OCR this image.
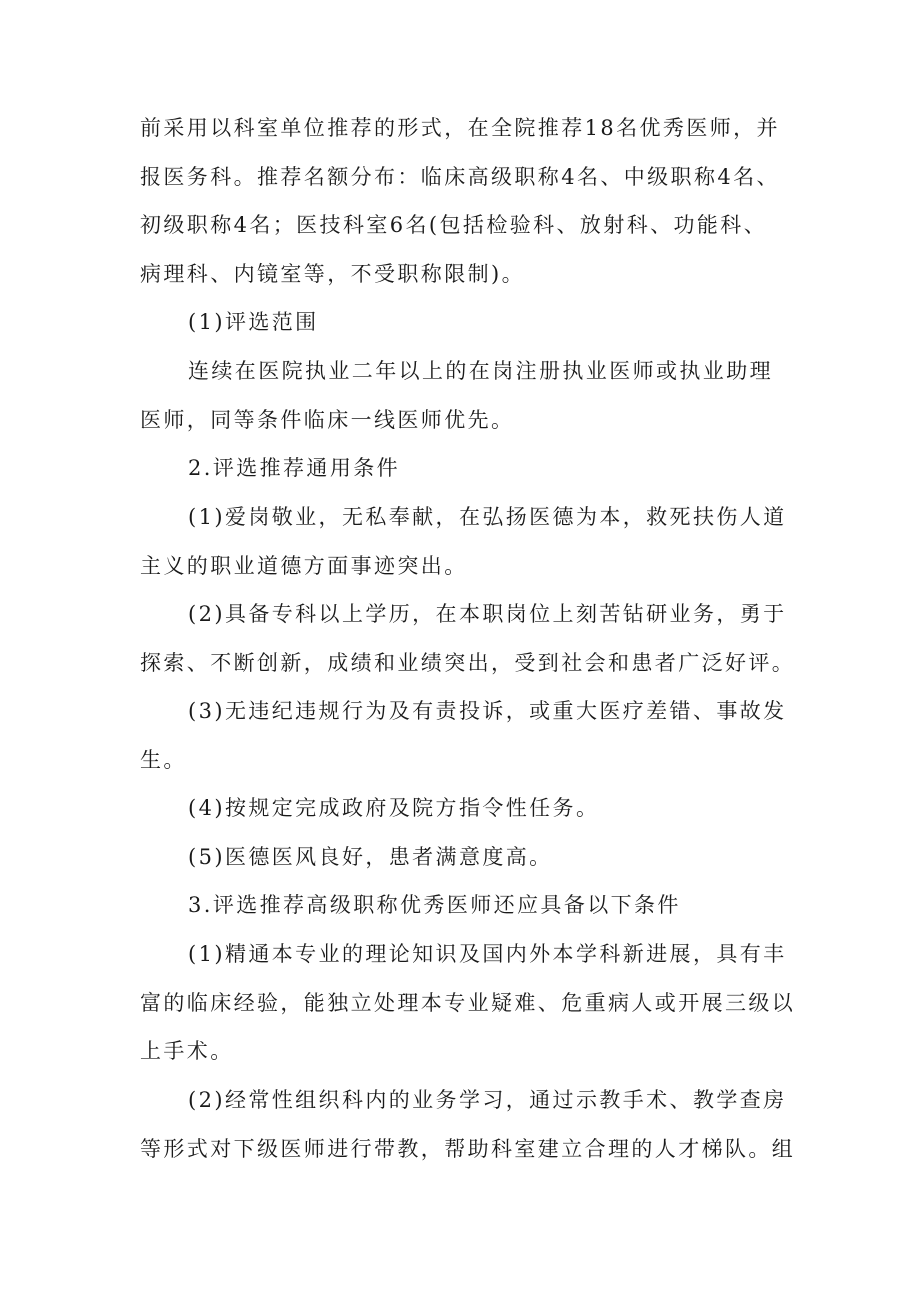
前采用以科室单位推荐的形式，在全院推荐18名优秀医师，并
报医务科。推荐名额分布：临床高级职称4名、中级职称4名、
初级职称4名；医技科室6名(包括检验科、放射科、功能科、
病理科、内镜室等，不受职称限制)。
(1)评选范围
连续在医院执业二年以上的在岗注册执业医师或执业助理
医师，同等条件临床一线医师优先。
2.评选推荐通用条件
(1)爱岗敬业，无私奉献，在弘扬医德为本，救死扶伤人道
主义的职业道德方面事迹突出。
(2)具备专科以上学历，在本职岗位上刻苦钻研业务，勇于
探索、不断创新，成绩和业绩突出，受到社会和患者广泛好评。
(3)无违纪违规行为及有责投诉，或重大医疗差错、事故发
生。
(4)按规定完成政府及院方指令性任务。
(5)医德医风良好，患者满意度高。
3.评选推荐高级职称优秀医师还应具备以下条件
(1)精通本专业的理论知识及国内外本学科新进展，具有丰
富的临床经验，能独立处理本专业疑难、危重病人或开展三级以
上手术。
(2)经常性组织科内的业务学习，通过示教手术、教学查房
等形式对下级医师进行带教，帮助科室建立合理的人才梯队。组
